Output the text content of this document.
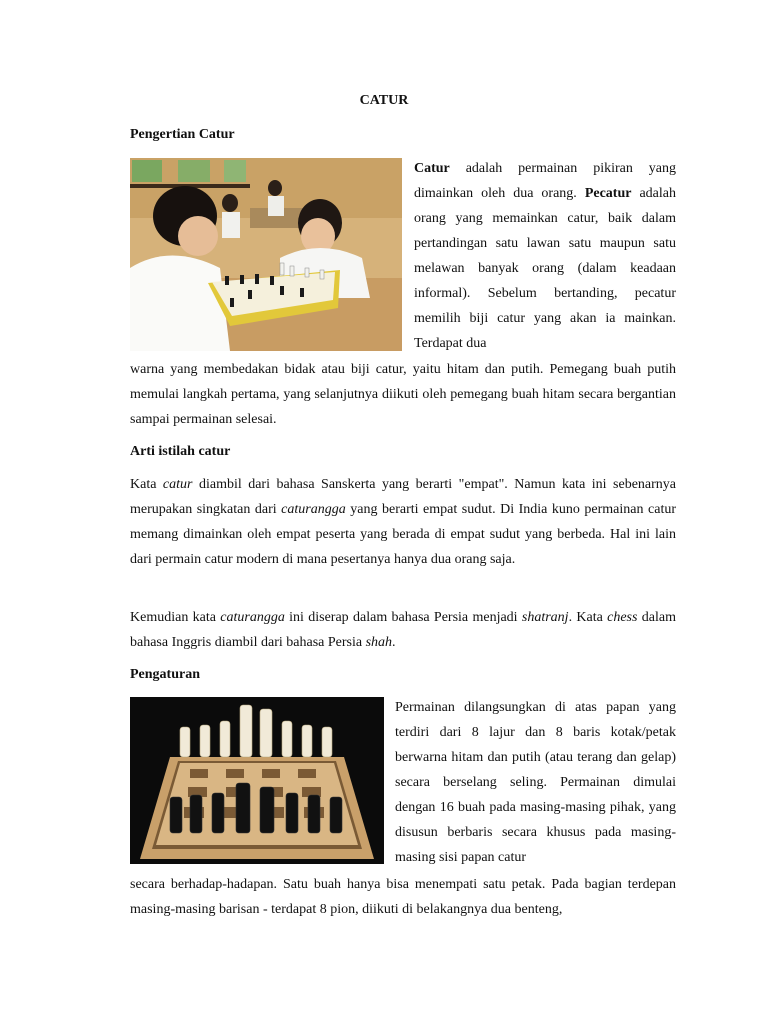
CATUR
Pengertian Catur

Catur adalah permainan pikiran yang dimainkan oleh dua orang. Pecatur adalah orang yang memainkan catur, baik dalam pertandingan satu lawan satu maupun satu melawan banyak orang (dalam keadaan informal). Sebelum bertanding, pecatur memilih biji catur yang akan ia mainkan. Terdapat dua

warna yang membedakan bidak atau biji catur, yaitu hitam dan putih. Pemegang buah putih memulai langkah pertama, yang selanjutnya diikuti oleh pemegang buah hitam secara bergantian sampai permainan selesai.

Arti istilah catur

Kata catur diambil dari bahasa Sanskerta yang berarti "empat". Namun kata ini sebenarnya merupakan singkatan dari caturangga yang berarti empat sudut. Di India kuno permainan catur memang dimainkan oleh empat peserta yang berada di empat sudut yang berbeda. Hal ini lain dari permain catur modern di mana pesertanya hanya dua orang saja.

Kemudian kata caturangga ini diserap dalam bahasa Persia menjadi shatranj. Kata chess dalam bahasa Inggris diambil dari bahasa Persia shah.

Pengaturan

Permainan dilangsungkan di atas papan yang terdiri dari 8 lajur dan 8 baris kotak/petak berwarna hitam dan putih (atau terang dan gelap) secara berselang seling. Permainan dimulai dengan 16 buah pada masing-masing pihak, yang disusun berbaris secara khusus pada masing-masing sisi papan catur

secara berhadap-hadapan. Satu buah hanya bisa menempati satu petak. Pada bagian terdepan masing-masing barisan - terdapat 8 pion, diikuti di belakangnya dua benteng,
